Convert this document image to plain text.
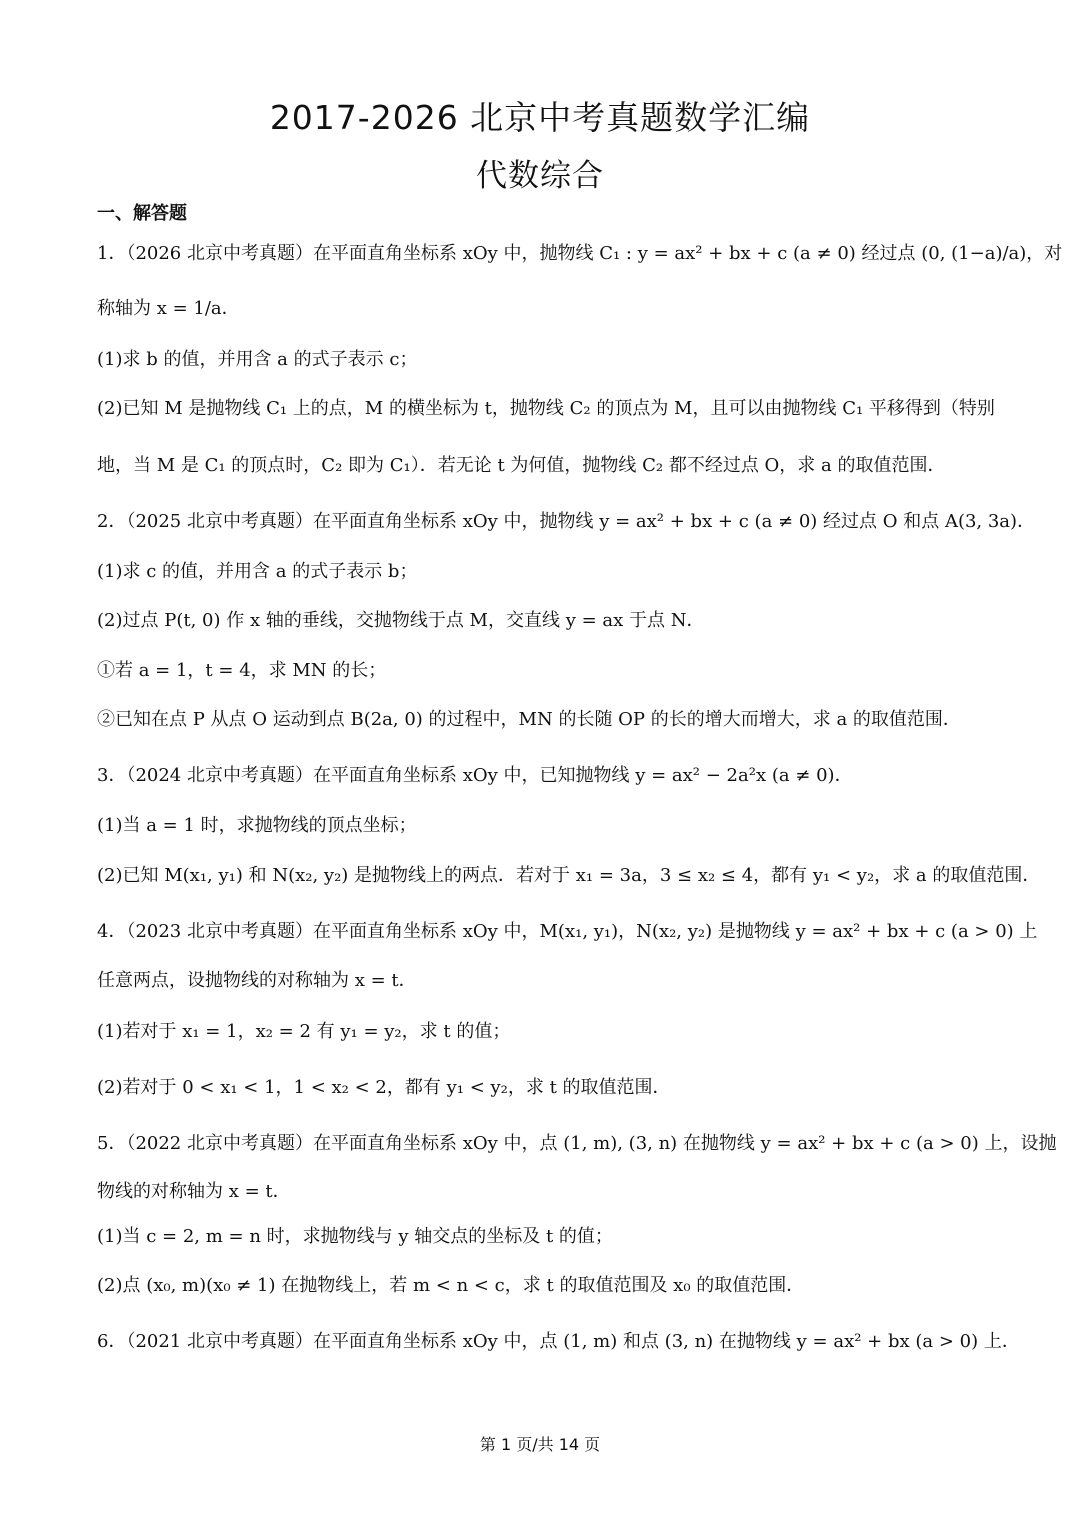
2017-2026 北京中考真题数学汇编
代数综合
一、解答题
1．（2026 北京中考真题）在平面直角坐标系 xOy 中，抛物线 C₁ : y = ax² + bx + c (a ≠ 0) 经过点 (0, (1−a)/a)，对
称轴为 x = 1/a．
(1)求 b 的值，并用含 a 的式子表示 c；
(2)已知 M 是抛物线 C₁ 上的点，M 的横坐标为 t，抛物线 C₂ 的顶点为 M，且可以由抛物线 C₁ 平移得到（特别
地，当 M 是 C₁ 的顶点时，C₂ 即为 C₁）．若无论 t 为何值，抛物线 C₂ 都不经过点 O，求 a 的取值范围．
2．（2025 北京中考真题）在平面直角坐标系 xOy 中，抛物线 y = ax² + bx + c (a ≠ 0) 经过点 O 和点 A(3, 3a)．
(1)求 c 的值，并用含 a 的式子表示 b；
(2)过点 P(t, 0) 作 x 轴的垂线，交抛物线于点 M，交直线 y = ax 于点 N．
①若 a = 1，t = 4，求 MN 的长；
②已知在点 P 从点 O 运动到点 B(2a, 0) 的过程中，MN 的长随 OP 的长的增大而增大，求 a 的取值范围．
3．（2024 北京中考真题）在平面直角坐标系 xOy 中，已知抛物线 y = ax² − 2a²x (a ≠ 0)．
(1)当 a = 1 时，求抛物线的顶点坐标；
(2)已知 M(x₁, y₁) 和 N(x₂, y₂) 是抛物线上的两点．若对于 x₁ = 3a，3 ≤ x₂ ≤ 4，都有 y₁ < y₂，求 a 的取值范围．
4．（2023 北京中考真题）在平面直角坐标系 xOy 中，M(x₁, y₁)，N(x₂, y₂) 是抛物线 y = ax² + bx + c (a > 0) 上
任意两点，设抛物线的对称轴为 x = t．
(1)若对于 x₁ = 1，x₂ = 2 有 y₁ = y₂，求 t 的值；
(2)若对于 0 < x₁ < 1，1 < x₂ < 2，都有 y₁ < y₂，求 t 的取值范围．
5．（2022 北京中考真题）在平面直角坐标系 xOy 中，点 (1, m), (3, n) 在抛物线 y = ax² + bx + c (a > 0) 上，设抛
物线的对称轴为 x = t．
(1)当 c = 2, m = n 时，求抛物线与 y 轴交点的坐标及 t 的值；
(2)点 (x₀, m)(x₀ ≠ 1) 在抛物线上，若 m < n < c，求 t 的取值范围及 x₀ 的取值范围．
6．（2021 北京中考真题）在平面直角坐标系 xOy 中，点 (1, m) 和点 (3, n) 在抛物线 y = ax² + bx (a > 0) 上．
第 1 页/共 14 页
